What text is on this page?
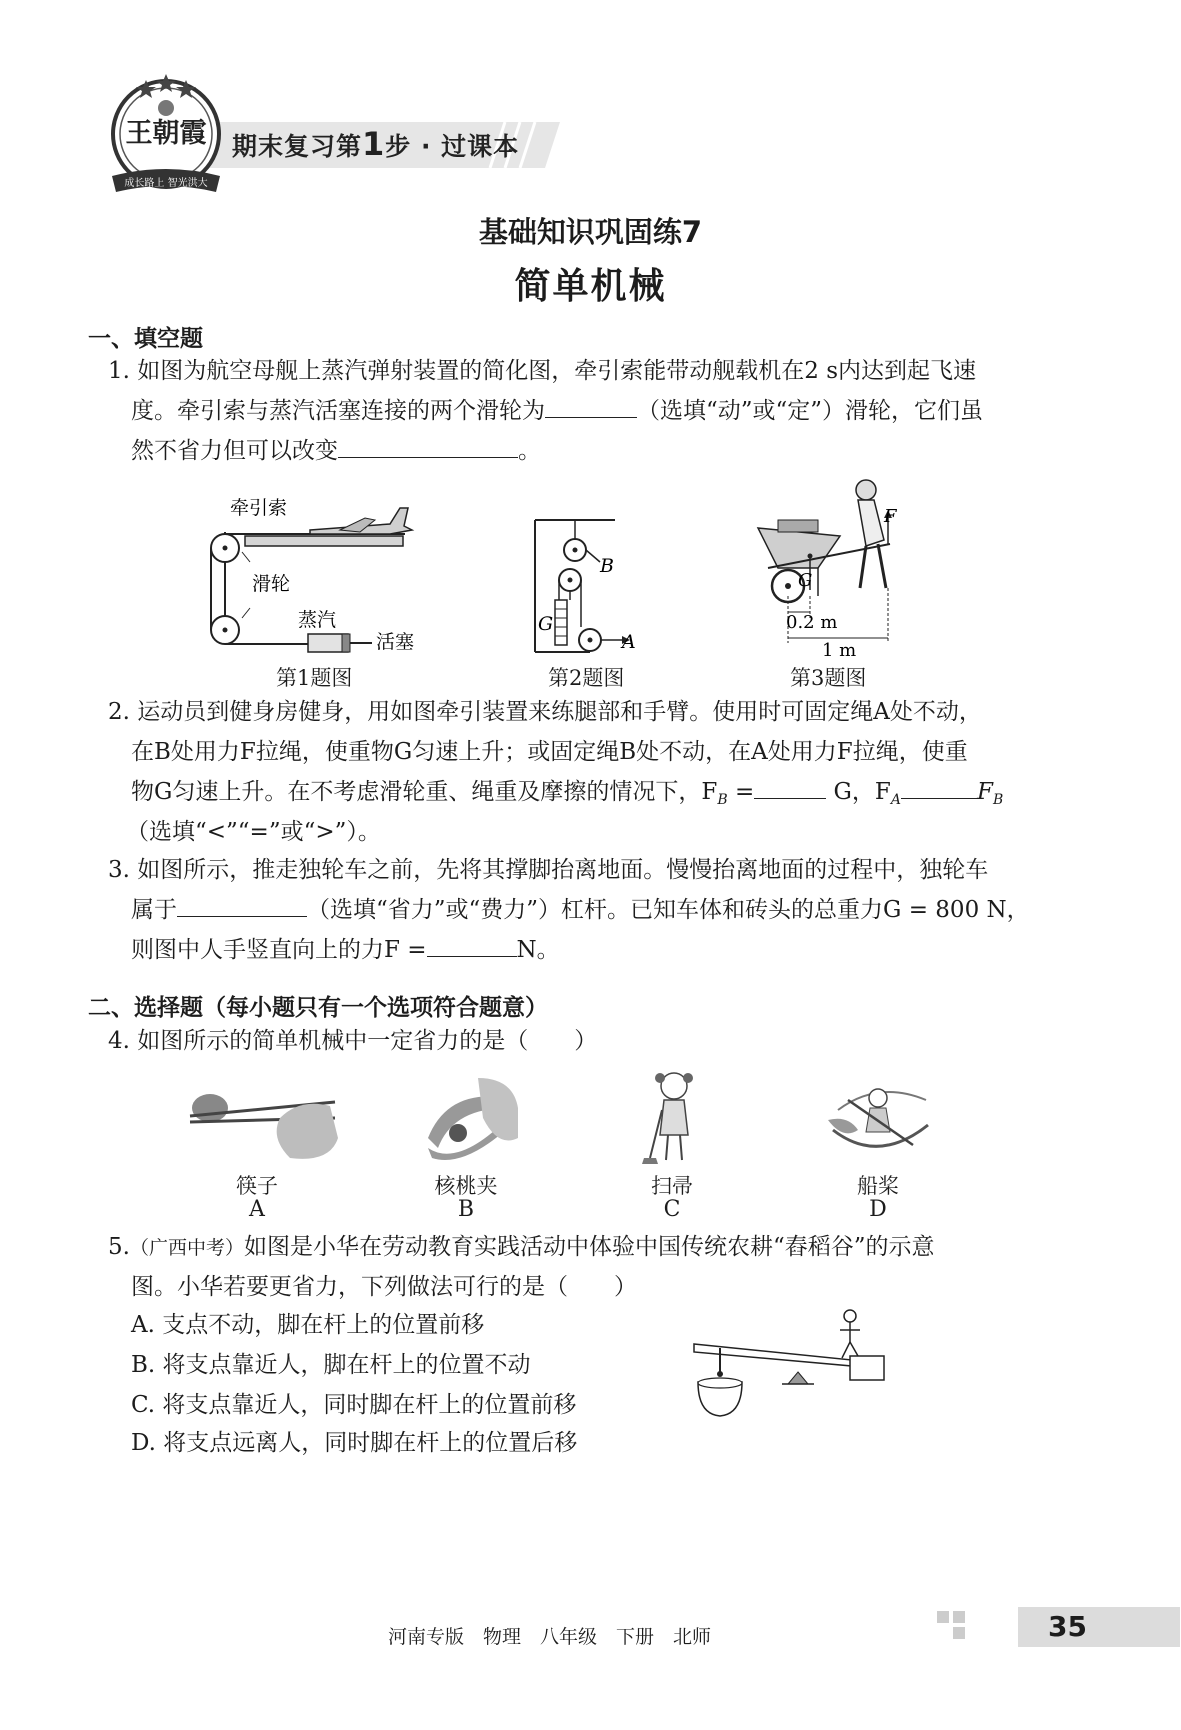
期末复习第1步 · 过课本
成长路上 智光洪大
王朝霞
基础知识巩固练7
简单机械
一、填空题
1. 如图为航空母舰上蒸汽弹射装置的简化图，牵引索能带动舰载机在2 s内达到起飞速
度。牵引索与蒸汽活塞连接的两个滑轮为	（选填“动”或“定”）滑轮，它们虽
然不省力但可以改变	。
牵引索
滑轮
蒸汽
活塞
第1题图
B
G
A
第2题图
F
G
0.2 m
1 m
第3题图
2. 运动员到健身房健身，用如图牵引装置来练腿部和手臂。使用时可固定绳A处不动，
在B处用力F拉绳，使重物G匀速上升；或固定绳B处不动，在A处用力F拉绳，使重
物G匀速上升。在不考虑滑轮重、绳重及摩擦的情况下，$F_B$ =	G，$F_A$	$F_B$
（选填“<”“=”或“>”）。
3. 如图所示，推走独轮车之前，先将其撑脚抬离地面。慢慢抬离地面的过程中，独轮车
属于	（选填“省力”或“费力”）杠杆。已知车体和砖头的总重力G = 800 N，
则图中人手竖直向上的力F =	N。
二、选择题（每小题只有一个选项符合题意）
4. 如图所示的简单机械中一定省力的是（　　）
筷子
A
核桃夹
B
扫帚
C
船桨
D
5.（广西中考）如图是小华在劳动教育实践活动中体验中国传统农耕“舂稻谷”的示意
图。小华若要更省力，下列做法可行的是（　　）
A. 支点不动，脚在杆上的位置前移
B. 将支点靠近人，脚在杆上的位置不动
C. 将支点靠近人，同时脚在杆上的位置前移
D. 将支点远离人，同时脚在杆上的位置后移
河南专版　物理　八年级　下册　北师	35
